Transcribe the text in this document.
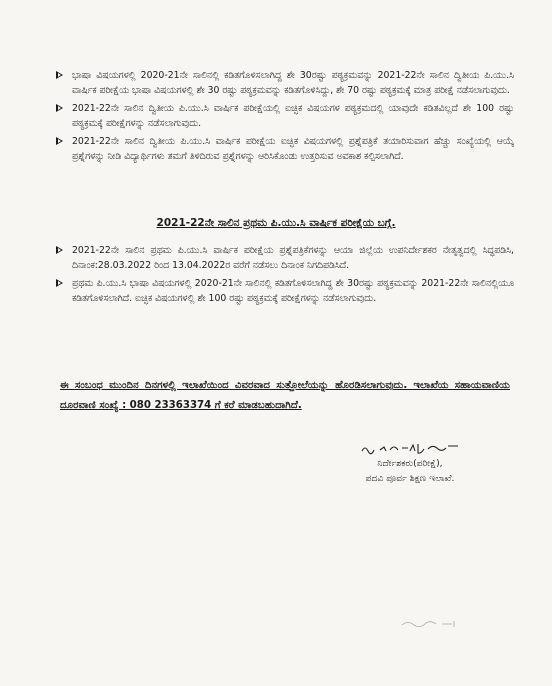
ಭಾಷಾ ವಿಷಯಗಳಲ್ಲಿ 2020-21ನೇ ಸಾಲಿನಲ್ಲಿ ಕಡಿತಗೊಳಿಸಲಾಗಿದ್ದ ಶೇ 30ರಷ್ಟು ಪಠ್ಯಕ್ರಮವನ್ನು 2021-22ನೇ ಸಾಲಿನ ದ್ವಿತೀಯ ಪಿ.ಯು.ಸಿ ವಾರ್ಷಿಕ ಪರೀಕ್ಷೆಯ ಭಾಷಾ ವಿಷಯಗಳಲ್ಲಿ ಶೇ 30 ರಷ್ಟು ಪಠ್ಯಕ್ರಮವನ್ನು ಕಡಿತಗೊಳಿಸಿದ್ದು, ಶೇ 70 ರಷ್ಟು ಪಠ್ಯಕ್ರಮಕ್ಕೆ ಮಾತ್ರ ಪರೀಕ್ಷೆ ನಡೆಸಲಾಗುವುದು.
2021-22ನೇ ಸಾಲಿನ ದ್ವಿತೀಯ ಪಿ.ಯು.ಸಿ ವಾರ್ಷಿಕ ಪರೀಕ್ಷೆಯಲ್ಲಿ ಐಚ್ಛಿಕ ವಿಷಯಗಳ ಪಠ್ಯಕ್ರಮದಲ್ಲಿ ಯಾವುದೇ ಕಡಿತವಿಲ್ಲದೆ ಶೇ 100 ರಷ್ಟು ಪಠ್ಯಕ್ರಮಕ್ಕೆ ಪರೀಕ್ಷೆಗಳನ್ನು ನಡೆಸಲಾಗುವುದು.
2021-22ನೇ ಸಾಲಿನ ದ್ವಿತೀಯ ಪಿ.ಯು.ಸಿ ವಾರ್ಷಿಕ ಪರೀಕ್ಷೆಯ ಐಚ್ಛಿಕ ವಿಷಯಗಳಲ್ಲಿ ಪ್ರಶ್ನೆಪತ್ರಿಕೆ ತಯಾರಿಸುವಾಗ ಹೆಚ್ಚು ಸಂಖ್ಯೆಯಲ್ಲಿ ಆಯ್ಕೆ ಪ್ರಶ್ನೆಗಳನ್ನು ನೀಡಿ ವಿದ್ಯಾರ್ಥಿಗಳು ತಮಗೆ ತಿಳಿದಿರುವ ಪ್ರಶ್ನೆಗಳನ್ನು ಆರಿಸಿಕೊಂಡು ಉತ್ತರಿಸುವ ಅವಕಾಶ ಕಲ್ಪಿಸಲಾಗಿದೆ.
2021-22ನೇ ಸಾಲಿನ ಪ್ರಥಮ ಪಿ.ಯು.ಸಿ ವಾರ್ಷಿಕ ಪರೀಕ್ಷೆಯ ಬಗ್ಗೆ.
2021-22ನೇ ಸಾಲಿನ ಪ್ರಥಮ ಪಿ.ಯು.ಸಿ ವಾರ್ಷಿಕ ಪರೀಕ್ಷೆಯ ಪ್ರಶ್ನೆಪತ್ರಿಕೆಗಳನ್ನು ಆಯಾ ಜಿಲ್ಲೆಯ ಉಪನಿರ್ದೇಶಕರ ನೇತೃತ್ವದಲ್ಲಿ ಸಿದ್ಧಪಡಿಸಿ, ದಿನಾಂಕ:28.03.2022 ರಿಂದ 13.04.2022ರ ವರೆಗೆ ನಡೆಸಲು ದಿನಾಂಕ ನಿಗದಿಪಡಿಸಿದೆ.
ಪ್ರಥಮ ಪಿ.ಯು.ಸಿ ಭಾಷಾ ವಿಷಯಗಳಲ್ಲಿ 2020-21ನೇ ಸಾಲಿನಲ್ಲಿ ಕಡಿತಗೊಳಿಸಲಾಗಿದ್ದ ಶೇ 30ರಷ್ಟು ಪಠ್ಯಕ್ರಮವನ್ನು 2021-22ನೇ ಸಾಲಿನಲ್ಲಿಯೂ ಕಡಿತಗೊಳಿಸಲಾಗಿದೆ. ಐಚ್ಛಿಕ ವಿಷಯಗಳಲ್ಲಿ ಶೇ 100 ರಷ್ಟು ಪಠ್ಯಕ್ರಮಕ್ಕೆ ಪರೀಕ್ಷೆಗಳನ್ನು ನಡೆಸಲಾಗುವುದು.
ಈ ಸಂಬಂಧ ಮುಂದಿನ ದಿನಗಳಲ್ಲಿ ಇಲಾಖೆಯಿಂದ ವಿವರವಾದ ಸುತ್ತೋಲೆಯನ್ನು ಹೊರಡಿಸಲಾಗುವುದು. ಇಲಾಖೆಯ ಸಹಾಯವಾಣಿಯ ದೂರವಾಣಿ ಸಂಖ್ಯೆ : 080 23363374 ಗೆ ಕರೆ ಮಾಡಬಹುದಾಗಿದೆ.
ನಿರ್ದೇಶಕರು(ಪರೀಕ್ಷೆ),
ಪದವಿ ಪೂರ್ವ ಶಿಕ್ಷಣ ಇಲಾಖೆ.
